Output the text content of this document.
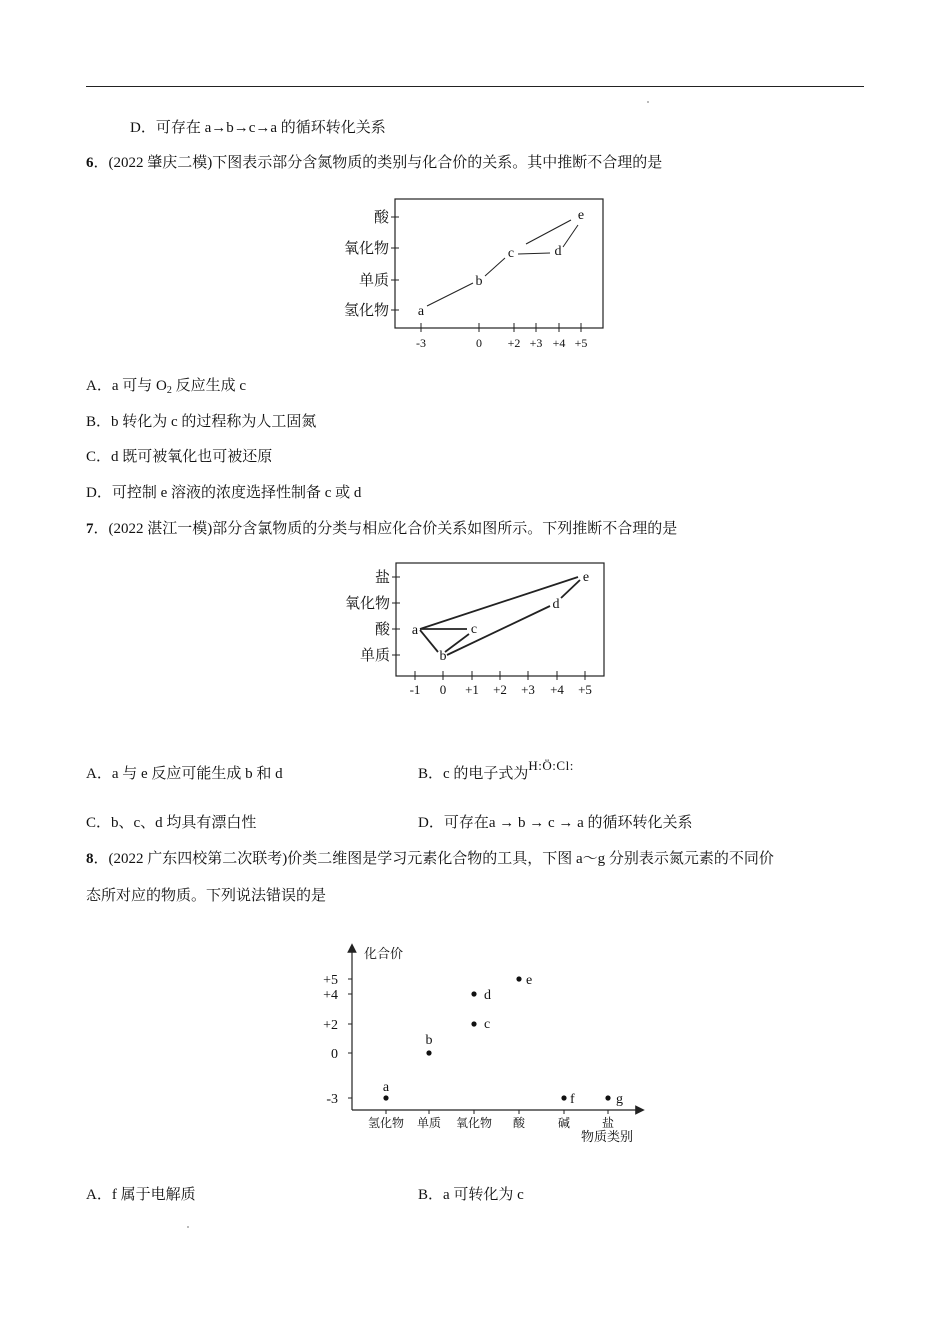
D．可存在 a→b→c→a 的循环转化关系
6．(2022 肇庆二模)下图表示部分含氮物质的类别与化合价的关系。其中推断不合理的是
酸
氧化物
单质
氢化物
-3	0 +2 +3 +4 +5
a
b
c	d
e
A．a 可与 $O_2$ 反应生成 c
B．b 转化为 c 的过程称为人工固氮
C．d 既可被氧化也可被还原
D．可控制 e 溶液的浓度选择性制备 c 或 d
7．(2022 湛江一模)部分含氯物质的分类与相应化合价关系如图所示。下列推断不合理的是
盐
氧化物
酸
单质
-1 0 +1 +2 +3 +4 +5
a
b
c
d
e
A．a 与 e 反应可能生成 b 和 d	B．c 的电子式为H:Ö:Cl:
C．b、c、d 均具有漂白性	D．可存在a → b → c → a 的循环转化关系
8．(2022 广东四校第二次联考)价类二维图是学习元素化合物的工具，下图 a～g 分别表示氮元素的不同价
态所对应的物质。下列说法错误的是
化合价
物质类别
+5
+4
+2
0
-3
氢化物 单质 氧化物 酸	碱	盐
a
b
c
d
e
f	g
A．f 属于电解质	B．a 可转化为 c
